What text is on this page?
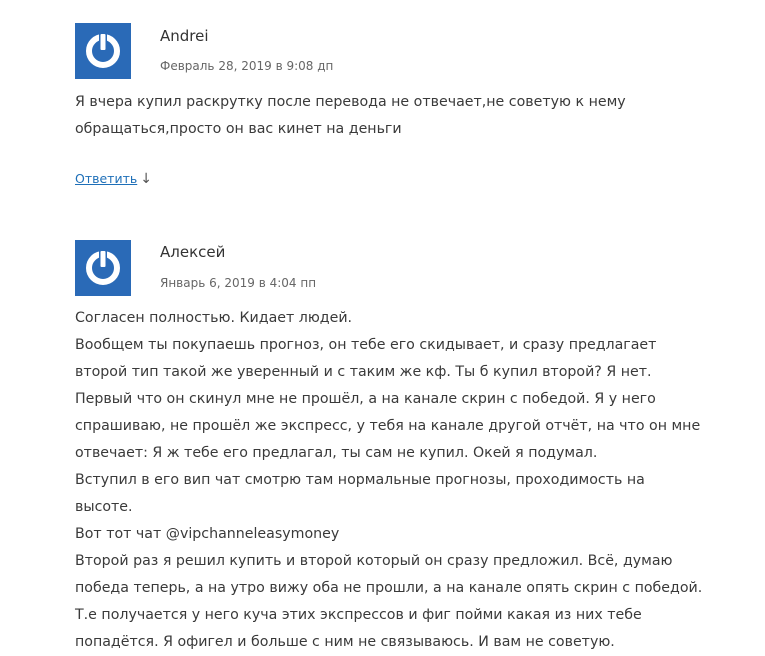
Andrei
Февраль 28, 2019 в 9:08 дп

Я вчера купил раскрутку после перевода не отвечает,не советую к нему обращаться,просто он вас кинет на деньги

Ответить ↓
Алексей
Январь 6, 2019 в 4:04 пп

Согласен полностью. Кидает людей.

Вообщем ты покупаешь прогноз, он тебе его скидывает, и сразу предлагает второй тип такой же уверенный и с таким же кф. Ты б купил второй? Я нет. Первый что он скинул мне не прошёл, а на канале скрин с победой. Я у него спрашиваю, не прошёл же экспресс, у тебя на канале другой отчёт, на что он мне отвечает: Я ж тебе его предлагал, ты сам не купил. Окей я подумал.

Вступил в его вип чат смотрю там нормальные прогнозы, проходимость на высоте.

Вот тот чат @vipchanneleasymoney

Второй раз я решил купить и второй который он сразу предложил. Всё, думаю победа теперь, а на утро вижу оба не прошли, а на канале опять скрин с победой.

Т.е получается у него куча этих экспрессов и фиг пойми какая из них тебе попадётся. Я офигел и больше с ним не связываюсь. И вам не советую.
